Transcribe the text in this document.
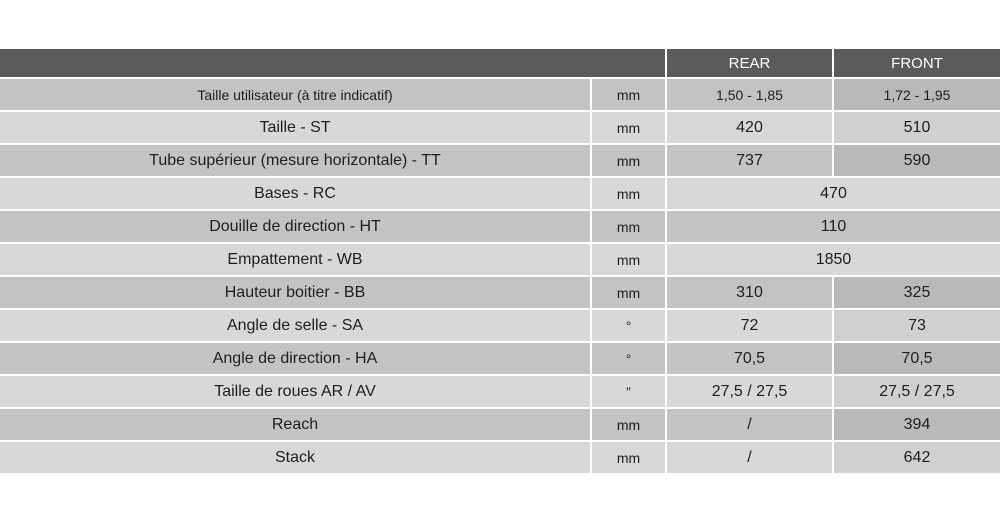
		REAR	FRONT
Taille utilisateur (à titre indicatif)	mm	1,50 - 1,85	1,72 - 1,95
Taille - ST	mm	420	510
Tube supérieur (mesure horizontale) - TT	mm	737	590
Bases - RC	mm	470	
Douille de direction - HT	mm	110	
Empattement - WB	mm	1850	
Hauteur boitier - BB	mm	310	325
Angle de selle - SA	°	72	73
Angle de direction - HA	°	70,5	70,5
Taille de roues AR / AV	”	27,5 / 27,5	27,5 / 27,5
Reach	mm	/	394
Stack	mm	/	642
